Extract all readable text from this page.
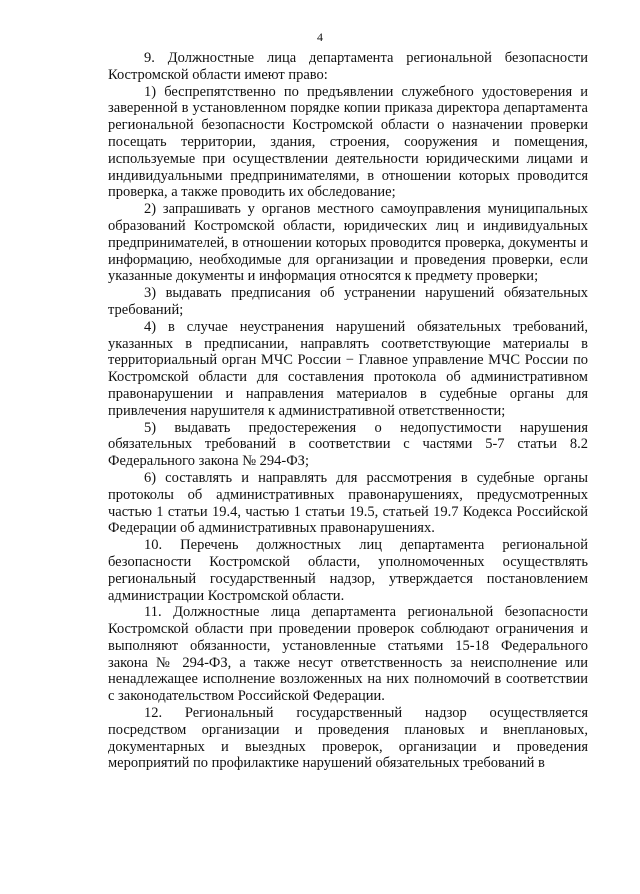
4

9. Должностные лица департамента региональной безопасности Костромской области имеют право:

1) беспрепятственно по предъявлении служебного удостоверения и заверенной в установленном порядке копии приказа директора департамента региональной безопасности Костромской области о назначении проверки посещать территории, здания, строения, сооружения и помещения, используемые при осуществлении деятельности юридическими лицами и индивидуальными предпринимателями, в отношении которых проводится проверка, а также проводить их обследование;

2) запрашивать у органов местного самоуправления муниципальных образований Костромской области, юридических лиц и индивидуальных предпринимателей, в отношении которых проводится проверка, документы и информацию, необходимые для организации и проведения проверки, если указанные документы и информация относятся к предмету проверки;

3) выдавать предписания об устранении нарушений обязательных требований;

4) в случае неустранения нарушений обязательных требований, указанных в предписании, направлять соответствующие материалы в территориальный орган МЧС России − Главное управление МЧС России по Костромской области для составления протокола об административном правонарушении и направления материалов в судебные органы для привлечения нарушителя к административной ответственности;

5) выдавать предостережения о недопустимости нарушения обязательных требований в соответствии с частями 5-7 статьи 8.2 Федерального закона № 294-ФЗ;

6) составлять и направлять для рассмотрения в судебные органы протоколы об административных правонарушениях, предусмотренных частью 1 статьи 19.4, частью 1 статьи 19.5, статьей 19.7 Кодекса Российской Федерации об административных правонарушениях.

10. Перечень должностных лиц департамента региональной безопасности Костромской области, уполномоченных осуществлять региональный государственный надзор, утверждается постановлением администрации Костромской области.

11. Должностные лица департамента региональной безопасности Костромской области при проведении проверок соблюдают ограничения и выполняют обязанности, установленные статьями 15-18 Федерального закона № 294-ФЗ, а также несут ответственность за неисполнение или ненадлежащее исполнение возложенных на них полномочий в соответствии с законодательством Российской Федерации.

12. Региональный государственный надзор осуществляется посредством организации и проведения плановых и внеплановых, документарных и выездных проверок, организации и проведения мероприятий по профилактике нарушений обязательных требований в
